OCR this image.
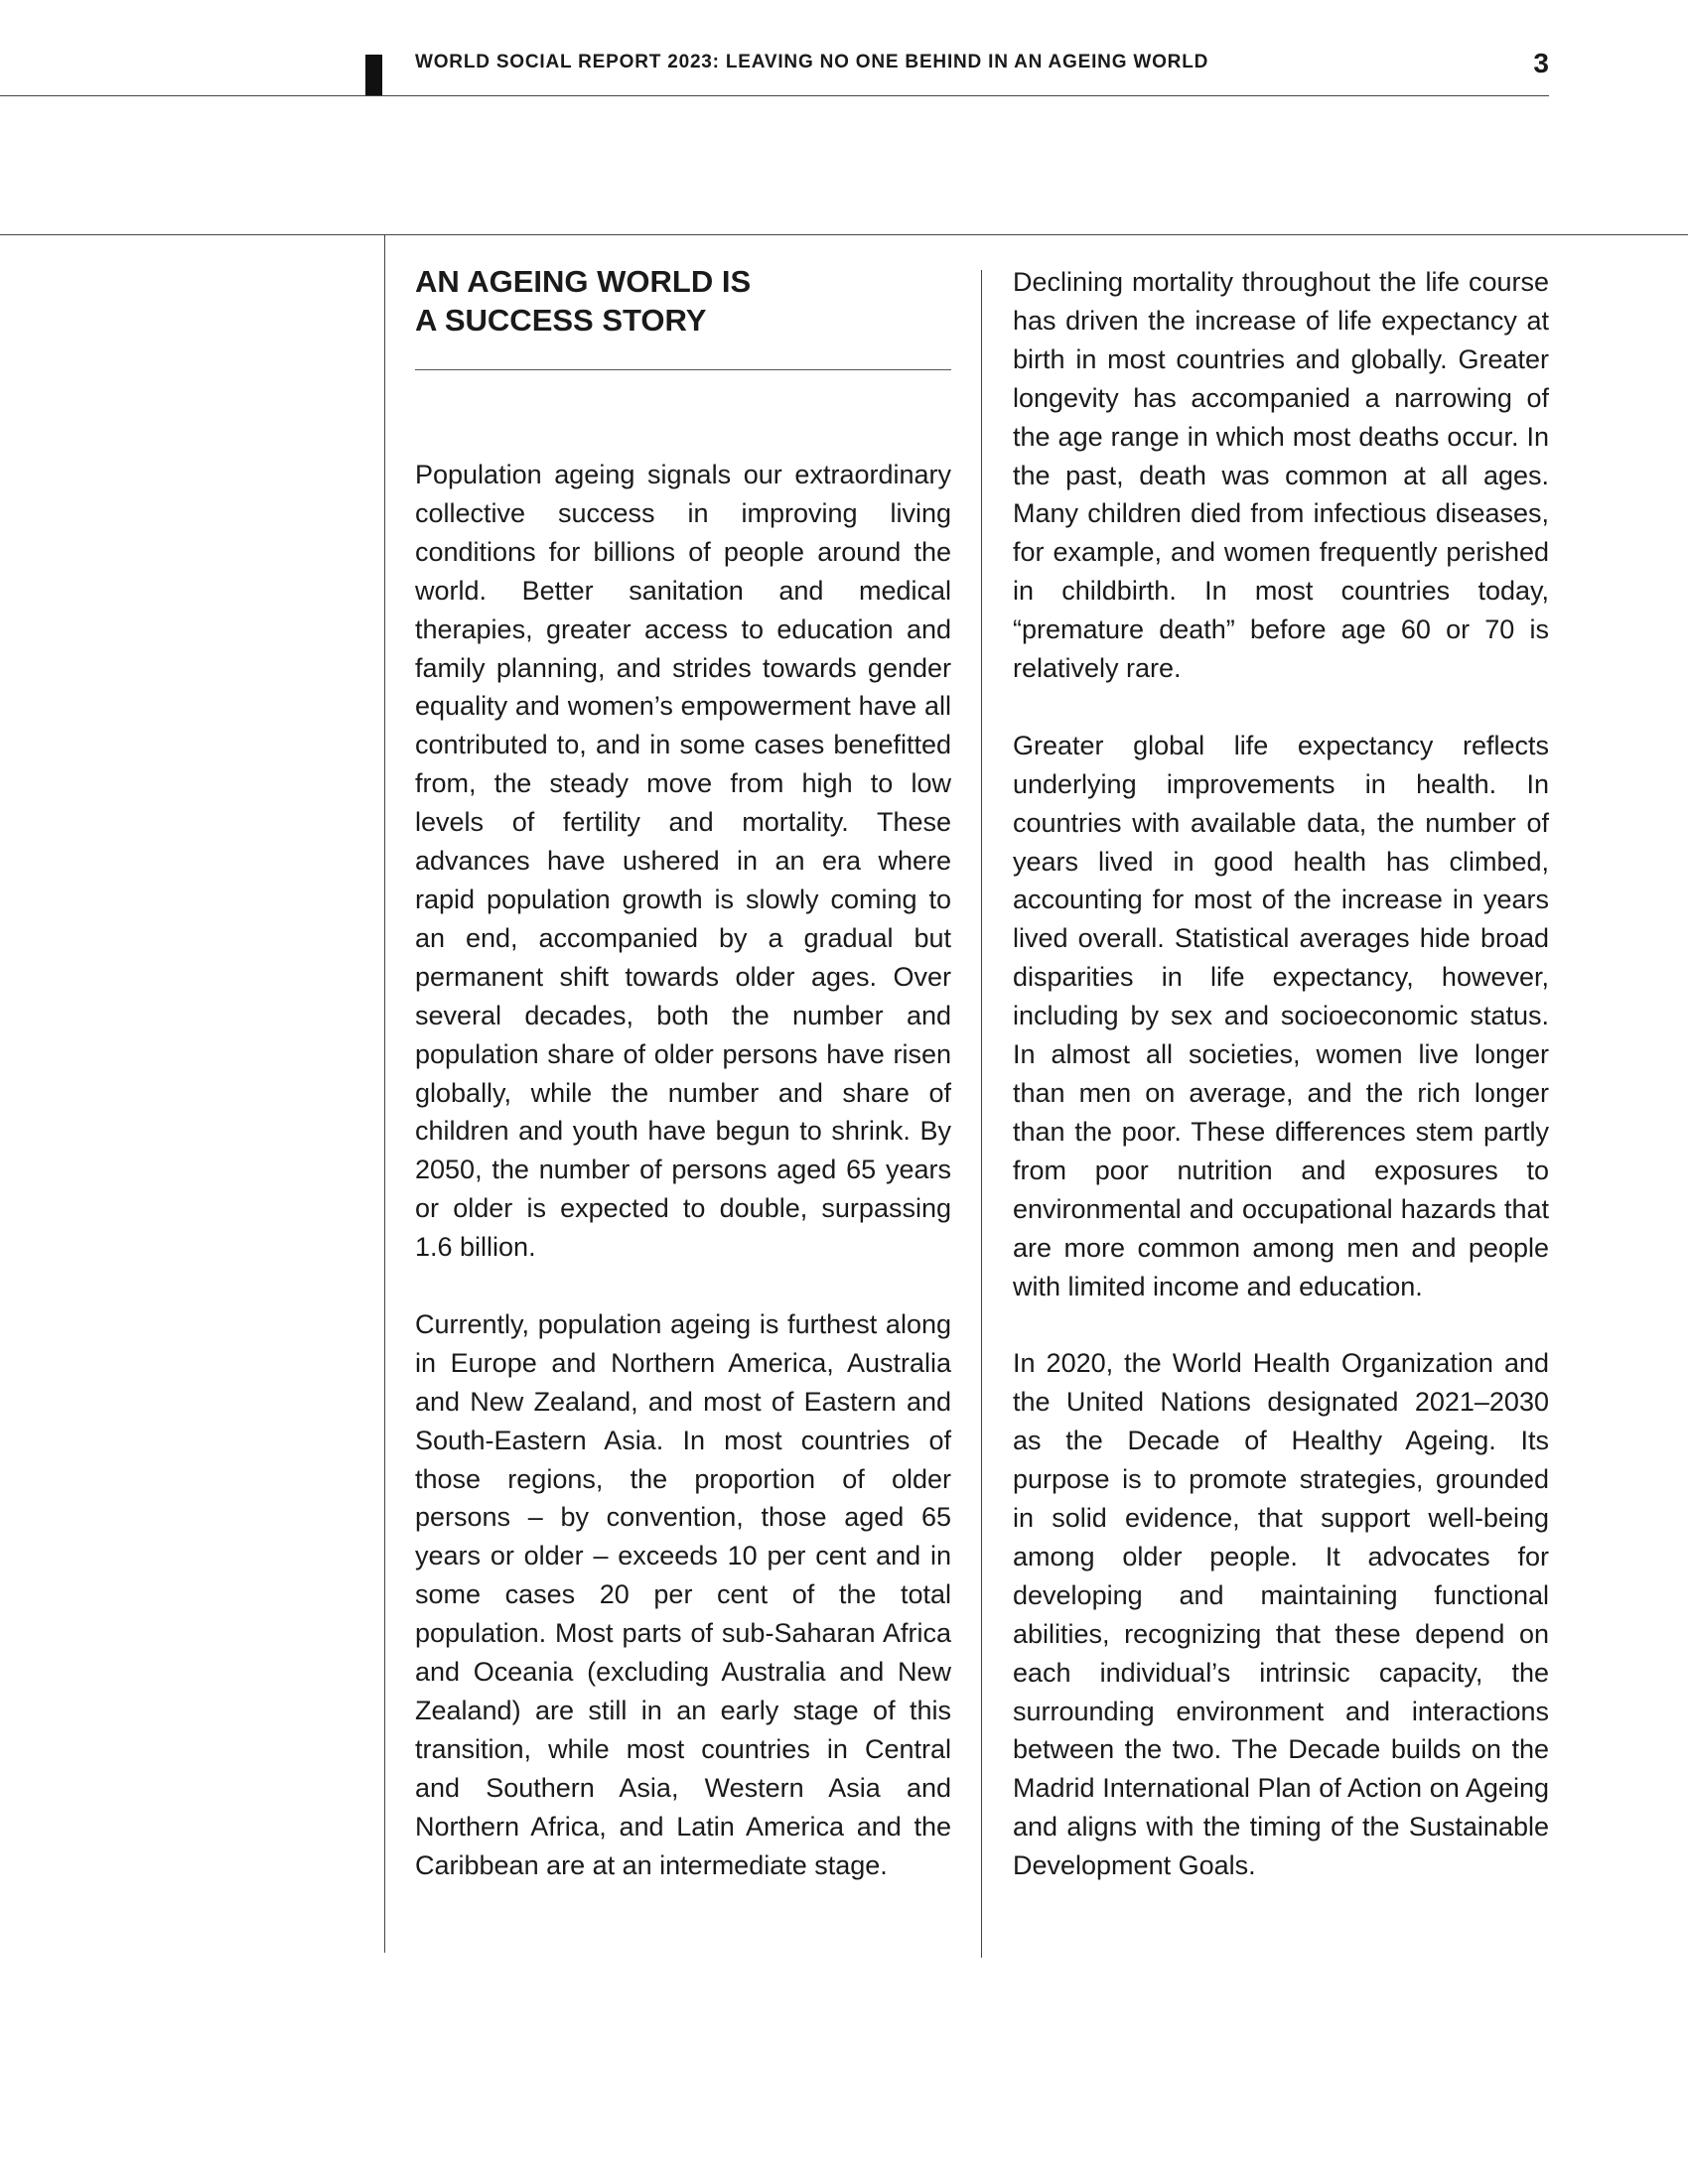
WORLD SOCIAL REPORT 2023: LEAVING NO ONE BEHIND IN AN AGEING WORLD	3
AN AGEING WORLD IS
A SUCCESS STORY

Population ageing signals our extraordinary collective success in improving living conditions for billions of people around the world. Better sanitation and medical therapies, greater access to education and family planning, and strides towards gender equality and women’s empowerment have all contributed to, and in some cases benefitted from, the steady move from high to low levels of fertility and mortality. These advances have ushered in an era where rapid population growth is slowly coming to an end, accompanied by a gradual but permanent shift towards older ages. Over several decades, both the number and population share of older persons have risen globally, while the number and share of children and youth have begun to shrink. By 2050, the number of persons aged 65 years or older is expected to double, surpassing 1.6 billion.

Currently, population ageing is furthest along in Europe and Northern America, Australia and New Zealand, and most of Eastern and South-Eastern Asia. In most countries of those regions, the proportion of older persons – by convention, those aged 65 years or older – exceeds 10 per cent and in some cases 20 per cent of the total population. Most parts of sub-Saharan Africa and Oceania (excluding Australia and New Zealand) are still in an early stage of this transition, while most countries in Central and Southern Asia, Western Asia and Northern Africa, and Latin America and the Caribbean are at an intermediate stage.

Declining mortality throughout the life course has driven the increase of life expectancy at birth in most countries and globally. Greater longevity has accompanied a narrowing of the age range in which most deaths occur. In the past, death was common at all ages. Many children died from infectious diseases, for example, and women frequently perished in childbirth. In most countries today, “premature death” before age 60 or 70 is relatively rare.

Greater global life expectancy reflects underlying improvements in health. In countries with available data, the number of years lived in good health has climbed, accounting for most of the increase in years lived overall. Statistical averages hide broad disparities in life expectancy, however, including by sex and socioeconomic status. In almost all societies, women live longer than men on average, and the rich longer than the poor. These differences stem partly from poor nutrition and exposures to environmental and occupational hazards that are more common among men and people with limited income and education.

In 2020, the World Health Organization and the United Nations designated 2021–2030 as the Decade of Healthy Ageing. Its purpose is to promote strategies, grounded in solid evidence, that support well-being among older people. It advocates for developing and maintaining functional abilities, recognizing that these depend on each individual’s intrinsic capacity, the surrounding environment and interactions between the two. The Decade builds on the Madrid International Plan of Action on Ageing and aligns with the timing of the Sustainable Development Goals.
